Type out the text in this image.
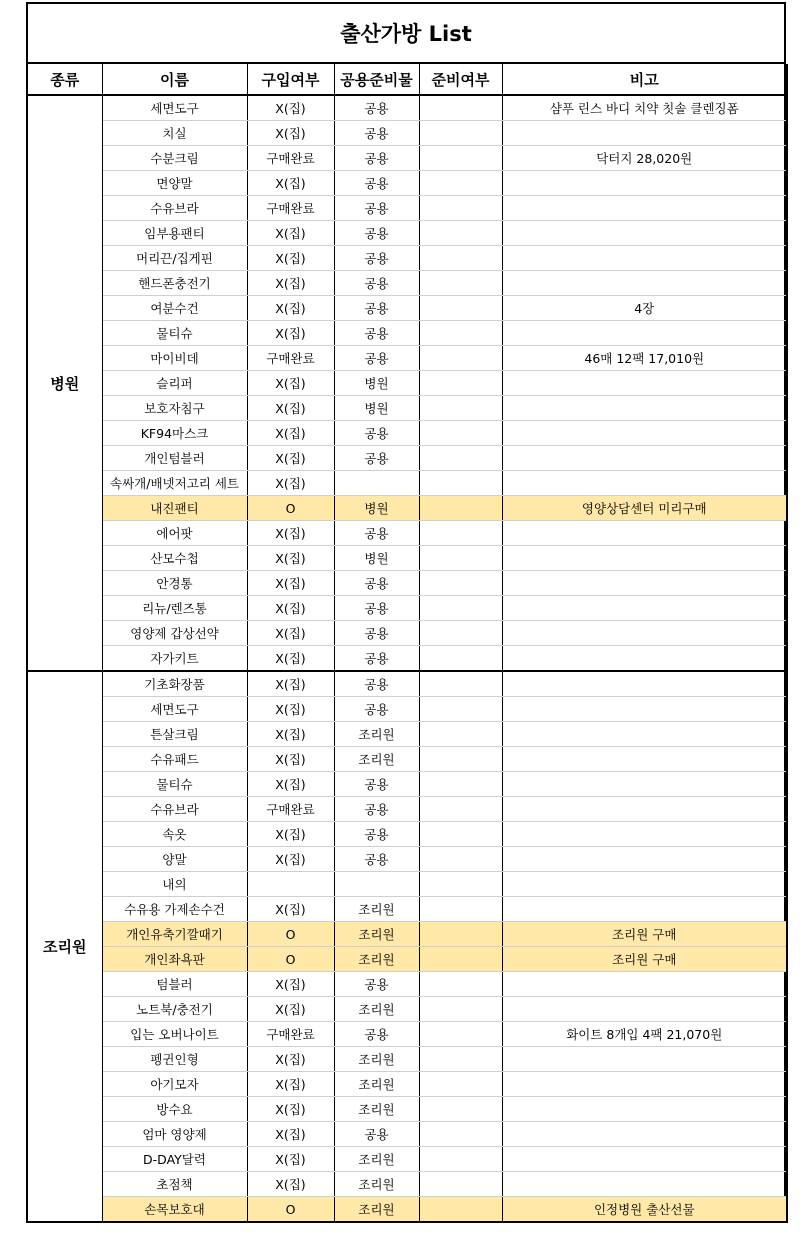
출산가방 List
종류	이름	구입여부	공용준비물	준비여부	비고
병원	세면도구	X(집)	공용		샴푸 린스 바디 치약 칫솔 클렌징폼
	치실	X(집)	공용		
	수분크림	구매완료	공용		닥터지 28,020원
	면양말	X(집)	공용		
	수유브라	구매완료	공용		
	임부용팬티	X(집)	공용		
	머리끈/집게핀	X(집)	공용		
	핸드폰충전기	X(집)	공용		
	여분수건	X(집)	공용		4장
	물티슈	X(집)	공용		
	마이비데	구매완료	공용		46매 12팩 17,010원
	슬리퍼	X(집)	병원		
	보호자침구	X(집)	병원		
	KF94마스크	X(집)	공용		
	개인텀블러	X(집)	공용		
	속싸개/배넷저고리 세트	X(집)			
	내진팬티	O	병원		영양상담센터 미리구매
	에어팟	X(집)	공용		
	산모수첩	X(집)	병원		
	안경통	X(집)	공용		
	리뉴/렌즈통	X(집)	공용		
	영양제 갑상선약	X(집)	공용		
	자가키트	X(집)	공용		
조리원	기초화장품	X(집)	공용		
	세면도구	X(집)	공용		
	튼살크림	X(집)	조리원		
	수유패드	X(집)	조리원		
	물티슈	X(집)	공용		
	수유브라	구매완료	공용		
	속옷	X(집)	공용		
	양말	X(집)	공용		
	내의				
	수유용 가제손수건	X(집)	조리원		
	개인유축기깔때기	O	조리원		조리원 구매
	개인좌욕판	O	조리원		조리원 구매
	텀블러	X(집)	공용		
	노트북/충전기	X(집)	조리원		
	입는 오버나이트	구매완료	공용		화이트 8개입 4팩 21,070원
	펭귄인형	X(집)	조리원		
	아기모자	X(집)	조리원		
	방수요	X(집)	조리원		
	엄마 영양제	X(집)	공용		
	D-DAY달력	X(집)	조리원		
	초점책	X(집)	조리원		
	손목보호대	O	조리원		인정병원 출산선물
